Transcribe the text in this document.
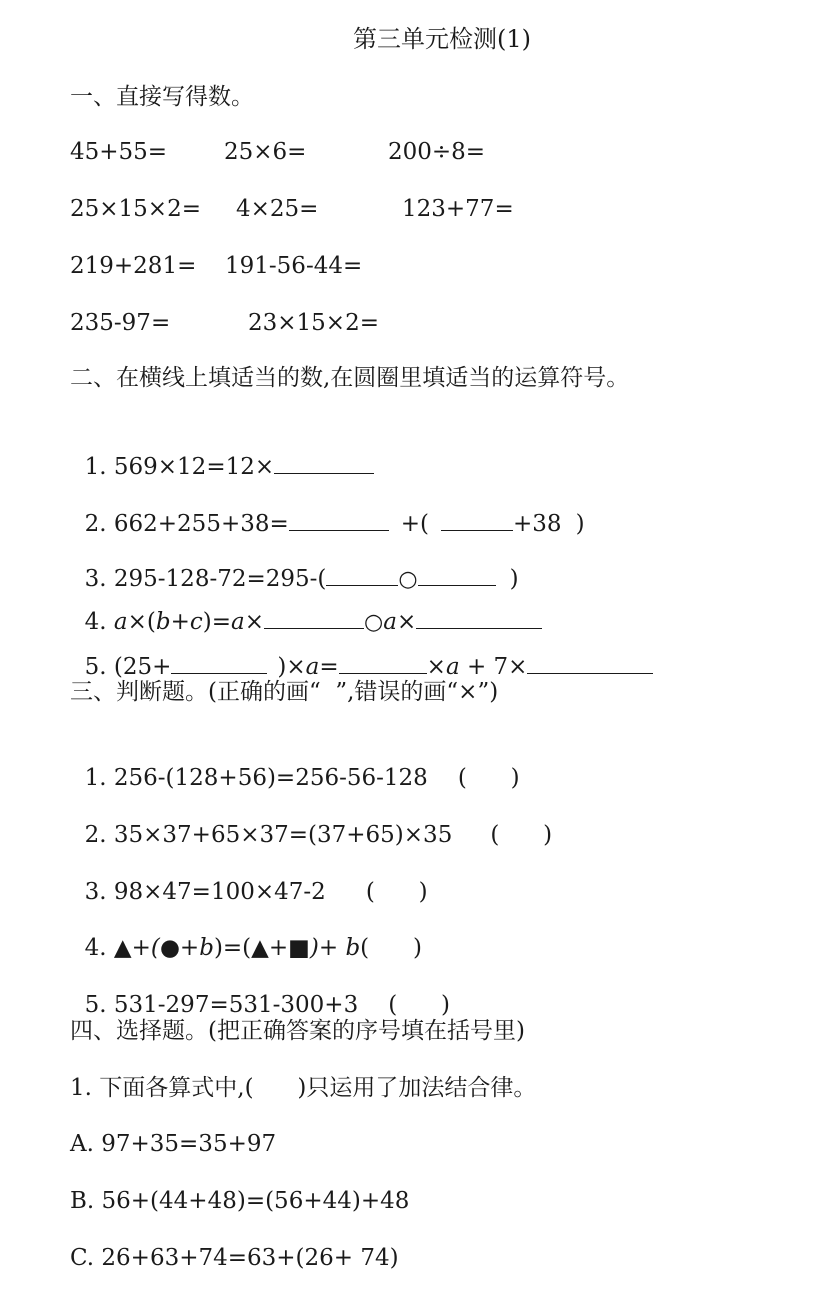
第三单元检测(1)
一、直接写得数。
45+55= 25×6=	200÷8=
25×15×2= 4×25=	123+77=
219+281= 191-56-44=
235-97=	23×15×2=
二、在横线上填适当的数,在圆圈里填适当的运算符号。

1. 569×12=12×

2. 662+255+38=	+(	+38 )

3. 295-128-72=295-(	○	)

4. a×(b+c)=a×	○a×

5. (25+	)×a=	×a + 7×

三、判断题。(正确的画“  ”,错误的画“×”)

1. 256-(128+56)=256-56-128 (      )

2. 35×37+65×37=(37+65)×35 (      )

3. 98×47=100×47-2 (      )

4. ▲+(●+b)=(▲+■)+ b(      )

5. 531-297=531-300+3 (      )

四、选择题。(把正确答案的序号填在括号里)
1. 下面各算式中,(      )只运用了加法结合律。
A. 97+35=35+97
B. 56+(44+48)=(56+44)+48
C. 26+63+74=63+(26+ 74)
